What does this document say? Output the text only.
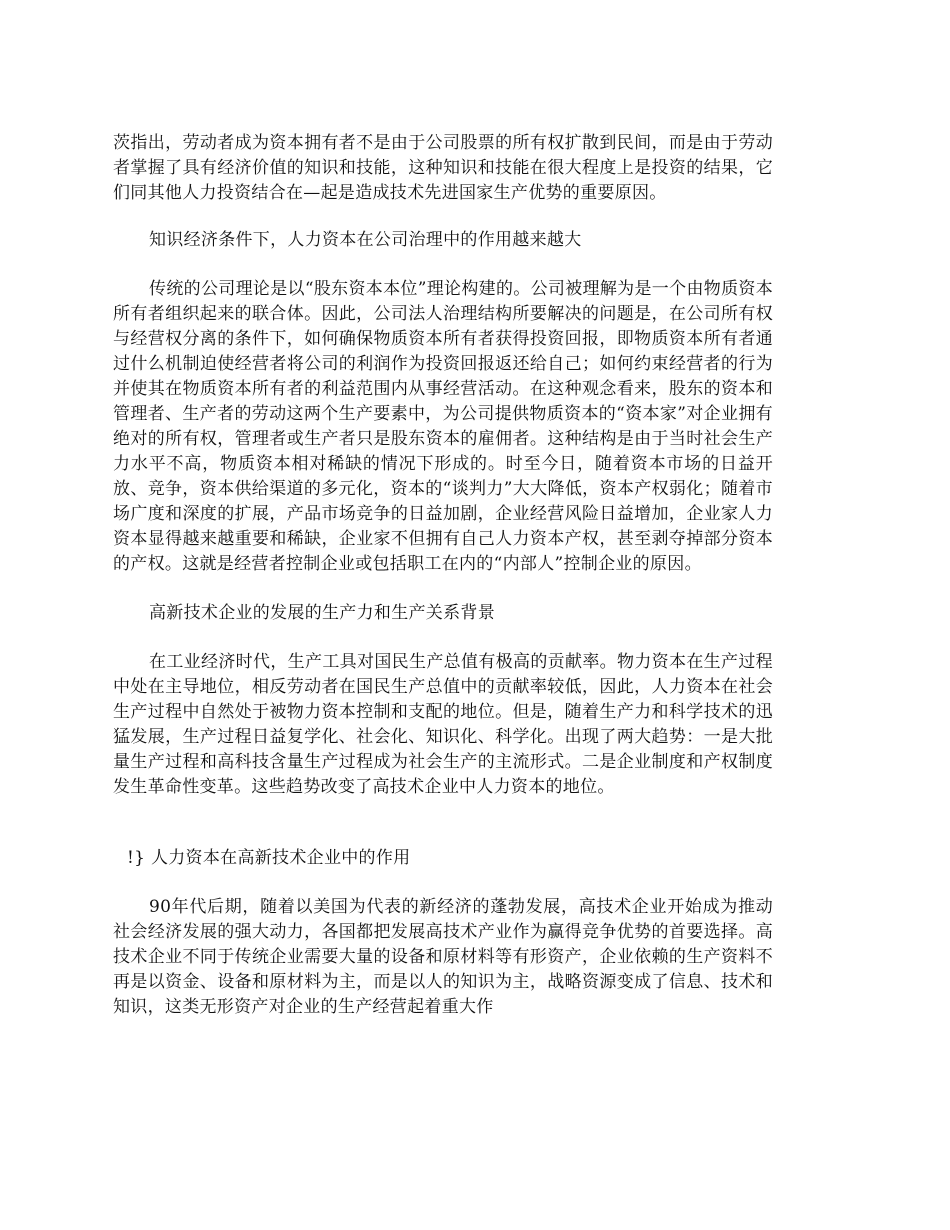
茨指出，劳动者成为资本拥有者不是由于公司股票的所有权扩散到民间，而是由于劳动者掌握了具有经济价值的知识和技能，这种知识和技能在很大程度上是投资的结果，它们同其他人力投资结合在—起是造成技术先进国家生产优势的重要原因。

知识经济条件下，人力资本在公司治理中的作用越来越大

传统的公司理论是以“股东资本本位”理论构建的。公司被理解为是一个由物质资本所有者组织起来的联合体。因此，公司法人治理结构所要解决的问题是，在公司所有权与经营权分离的条件下，如何确保物质资本所有者获得投资回报，即物质资本所有者通过什么机制迫使经营者将公司的利润作为投资回报返还给自己；如何约束经营者的行为并使其在物质资本所有者的利益范围内从事经营活动。在这种观念看来，股东的资本和管理者、生产者的劳动这两个生产要素中，为公司提供物质资本的“资本家”对企业拥有绝对的所有权，管理者或生产者只是股东资本的雇佣者。这种结构是由于当时社会生产力水平不高，物质资本相对稀缺的情况下形成的。时至今日，随着资本市场的日益开放、竞争，资本供给渠道的多元化，资本的“谈判力”大大降低，资本产权弱化；随着市场广度和深度的扩展，产品市场竞争的日益加剧，企业经营风险日益增加，企业家人力资本显得越来越重要和稀缺，企业家不但拥有自己人力资本产权，甚至剥夺掉部分资本的产权。这就是经营者控制企业或包括职工在内的“内部人”控制企业的原因。

高新技术企业的发展的生产力和生产关系背景

在工业经济时代，生产工具对国民生产总值有极高的贡献率。物力资本在生产过程中处在主导地位，相反劳动者在国民生产总值中的贡献率较低，因此，人力资本在社会生产过程中自然处于被物力资本控制和支配的地位。但是，随着生产力和科学技术的迅猛发展，生产过程日益复学化、社会化、知识化、科学化。出现了两大趋势：一是大批量生产过程和高科技含量生产过程成为社会生产的主流形式。二是企业制度和产权制度发生革命性变革。这些趋势改变了高技术企业中人力资本的地位。

!} 人力资本在高新技术企业中的作用

90年代后期，随着以美国为代表的新经济的蓬勃发展，高技术企业开始成为推动社会经济发展的强大动力，各国都把发展高技术产业作为赢得竞争优势的首要选择。高技术企业不同于传统企业需要大量的设备和原材料等有形资产，企业依赖的生产资料不再是以资金、设备和原材料为主，而是以人的知识为主，战略资源变成了信息、技术和知识，这类无形资产对企业的生产经营起着重大作
